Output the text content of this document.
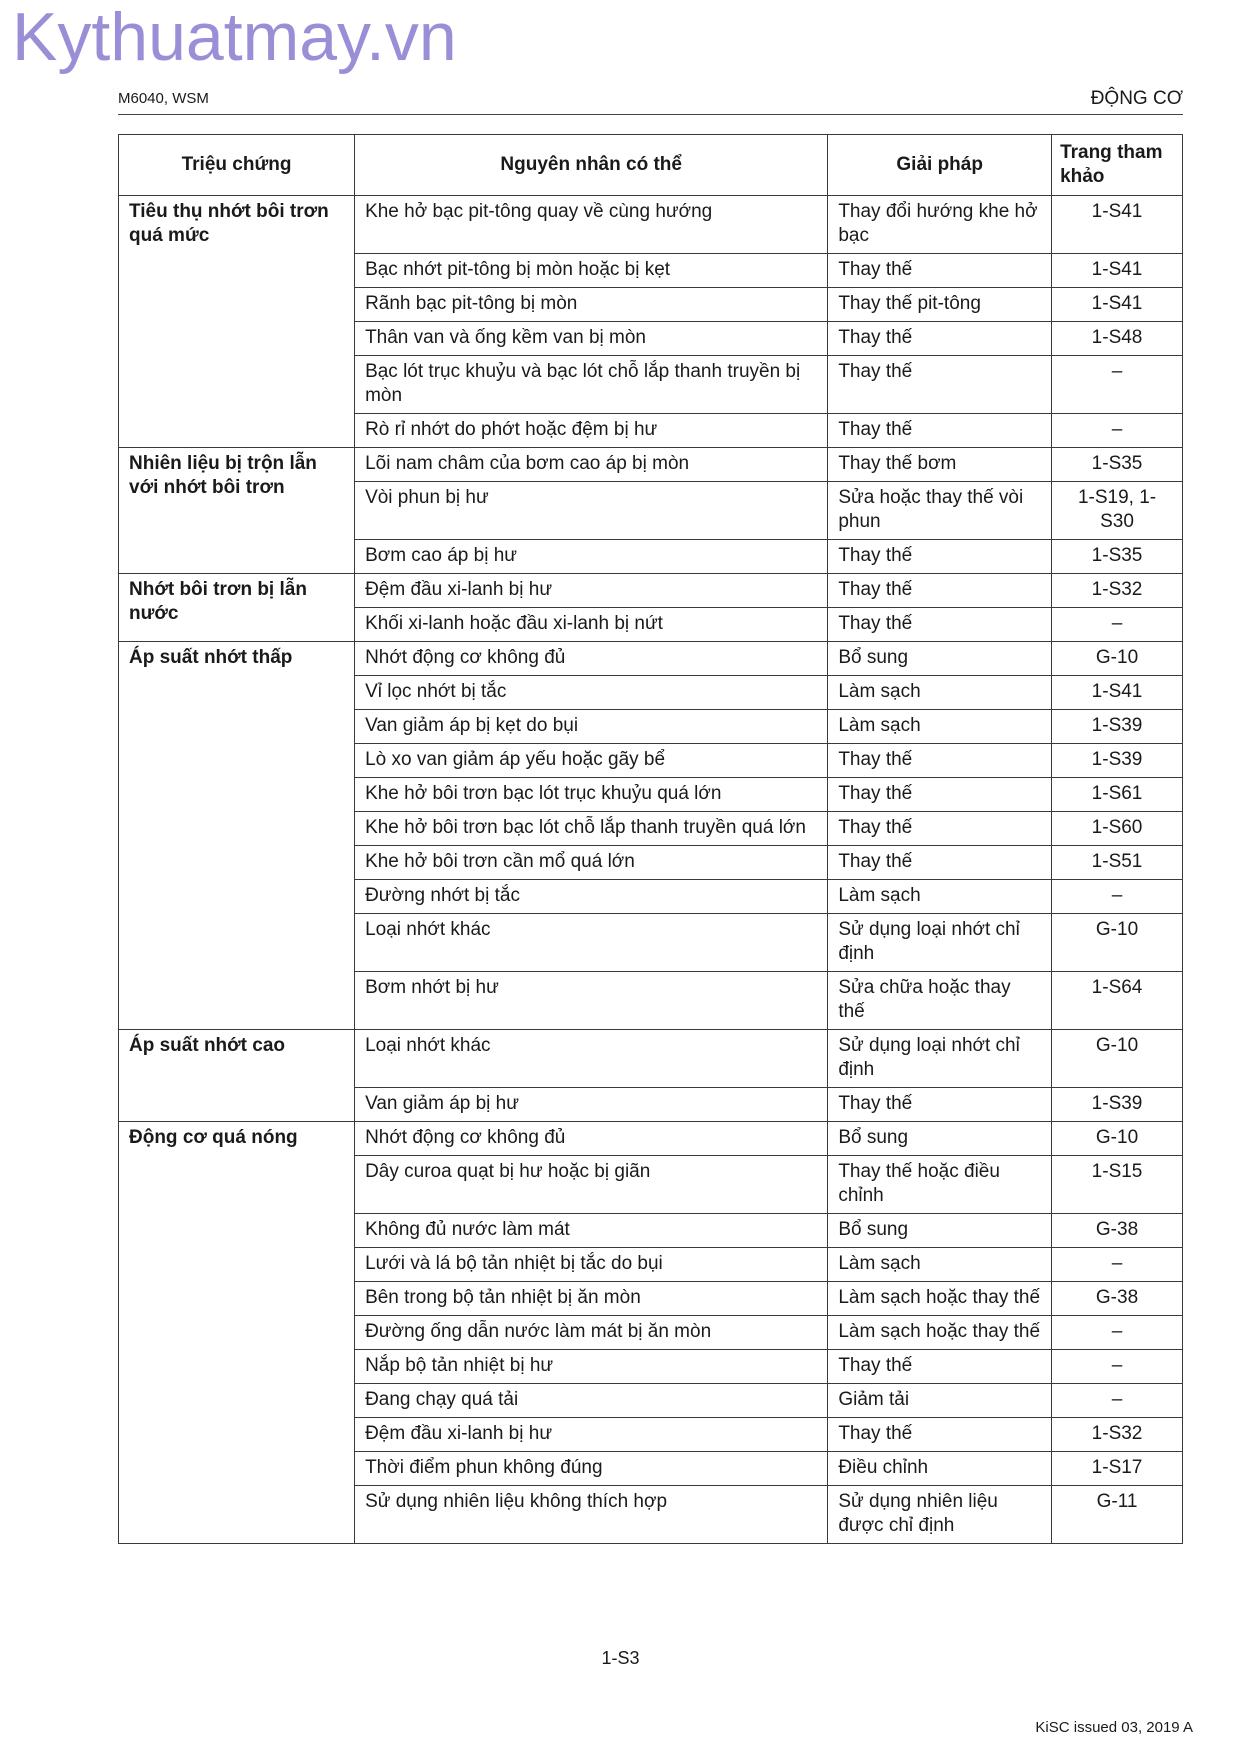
Kythuatmay.vn
M6040, WSM	ĐỘNG CƠ
Triệu chứng	Nguyên nhân có thể	Giải pháp	Trang tham khảo
Tiêu thụ nhớt bôi trơn quá mức	Khe hở bạc pit-tông quay về cùng hướng	Thay đổi hướng khe hở bạc	1-S41
	Bạc nhớt pit-tông bị mòn hoặc bị kẹt	Thay thế	1-S41
	Rãnh bạc pit-tông bị mòn	Thay thế pit-tông	1-S41
	Thân van và ống kềm van bị mòn	Thay thế	1-S48
	Bạc lót trục khuỷu và bạc lót chỗ lắp thanh truyền bị mòn	Thay thế	–
	Rò rỉ nhớt do phớt hoặc đệm bị hư	Thay thế	–
Nhiên liệu bị trộn lẫn với nhớt bôi trơn	Lõi nam châm của bơm cao áp bị mòn	Thay thế bơm	1-S35
	Vòi phun bị hư	Sửa hoặc thay thế vòi phun	1-S19, 1-S30
	Bơm cao áp bị hư	Thay thế	1-S35
Nhớt bôi trơn bị lẫn nước	Đệm đầu xi-lanh bị hư	Thay thế	1-S32
	Khối xi-lanh hoặc đầu xi-lanh bị nứt	Thay thế	–
Áp suất nhớt thấp	Nhớt động cơ không đủ	Bổ sung	G-10
	Vỉ lọc nhớt bị tắc	Làm sạch	1-S41
	Van giảm áp bị kẹt do bụi	Làm sạch	1-S39
	Lò xo van giảm áp yếu hoặc gãy bể	Thay thế	1-S39
	Khe hở bôi trơn bạc lót trục khuỷu quá lớn	Thay thế	1-S61
	Khe hở bôi trơn bạc lót chỗ lắp thanh truyền quá lớn	Thay thế	1-S60
	Khe hở bôi trơn cần mổ quá lớn	Thay thế	1-S51
	Đường nhớt bị tắc	Làm sạch	–
	Loại nhớt khác	Sử dụng loại nhớt chỉ định	G-10
	Bơm nhớt bị hư	Sửa chữa hoặc thay thế	1-S64
Áp suất nhớt cao	Loại nhớt khác	Sử dụng loại nhớt chỉ định	G-10
	Van giảm áp bị hư	Thay thế	1-S39
Động cơ quá nóng	Nhớt động cơ không đủ	Bổ sung	G-10
	Dây curoa quạt bị hư hoặc bị giãn	Thay thế hoặc điều chỉnh	1-S15
	Không đủ nước làm mát	Bổ sung	G-38
	Lưới và lá bộ tản nhiệt bị tắc do bụi	Làm sạch	–
	Bên trong bộ tản nhiệt bị ăn mòn	Làm sạch hoặc thay thế	G-38
	Đường ống dẫn nước làm mát bị ăn mòn	Làm sạch hoặc thay thế	–
	Nắp bộ tản nhiệt bị hư	Thay thế	–
	Đang chạy quá tải	Giảm tải	–
	Đệm đầu xi-lanh bị hư	Thay thế	1-S32
	Thời điểm phun không đúng	Điều chỉnh	1-S17
	Sử dụng nhiên liệu không thích hợp	Sử dụng nhiên liệu được chỉ định	G-11
1-S3
KiSC issued 03, 2019 A
